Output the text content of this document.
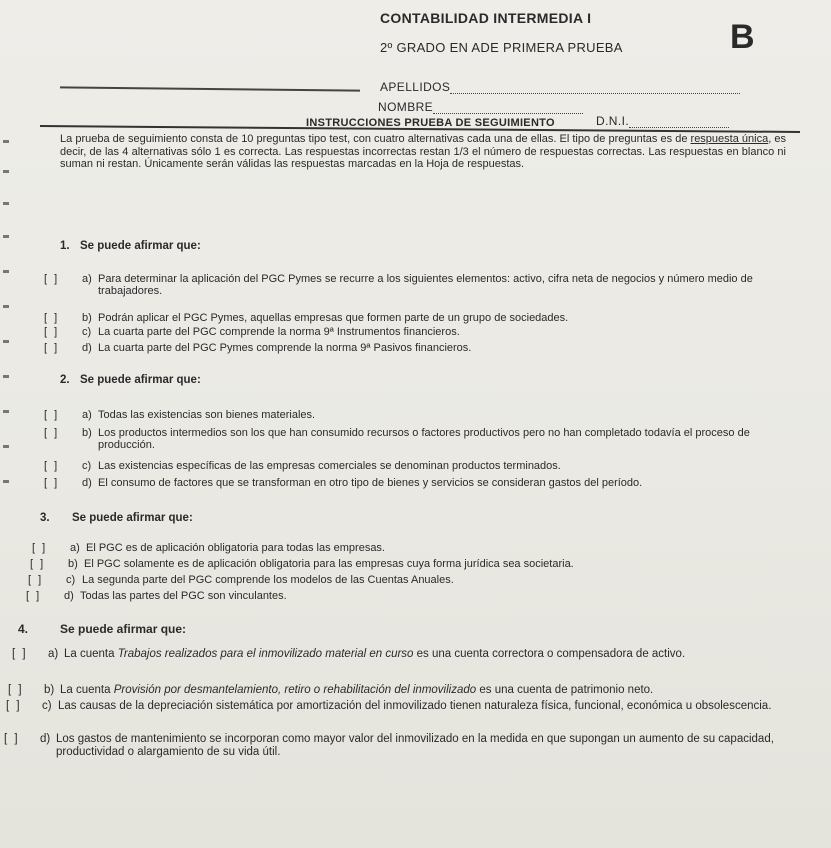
CONTABILIDAD INTERMEDIA I
2º GRADO EN ADE PRIMERA PRUEBA	B
APELLIDOS
NOMBRE
D.N.I.
INSTRUCCIONES PRUEBA DE SEGUIMIENTO
La prueba de seguimiento consta de 10 preguntas tipo test, con cuatro alternativas cada una de ellas. El tipo de preguntas es de respuesta única, es decir, de las 4 alternativas sólo 1 es correcta. Las respuestas incorrectas restan 1/3 el número de respuestas correctas. Las respuestas en blanco ni suman ni restan. Únicamente serán válidas las respuestas marcadas en la Hoja de respuestas.
1. Se puede afirmar que:
[ ]	a) Para determinar la aplicación del PGC Pymes se recurre a los siguientes elementos: activo, cifra neta de negocios y número medio de trabajadores.
[ ]	b) Podrán aplicar el PGC Pymes, aquellas empresas que formen parte de un grupo de sociedades.
[ ]	c) La cuarta parte del PGC comprende la norma 9ª Instrumentos financieros.
[ ]	d) La cuarta parte del PGC Pymes comprende la norma 9ª Pasivos financieros.
2. Se puede afirmar que:
[ ]	a) Todas las existencias son bienes materiales.
[ ]	b) Los productos intermedios son los que han consumido recursos o factores productivos pero no han completado todavía el proceso de producción.
[ ]	c) Las existencias específicas de las empresas comerciales se denominan productos terminados.
[ ]	d) El consumo de factores que se transforman en otro tipo de bienes y servicios se consideran gastos del período.
3. Se puede afirmar que:
[ ]	a) El PGC es de aplicación obligatoria para todas las empresas.
[ ]	b) El PGC solamente es de aplicación obligatoria para las empresas cuya forma jurídica sea societaria.
[ ]	c) La segunda parte del PGC comprende los modelos de las Cuentas Anuales.
[ ]	d) Todas las partes del PGC son vinculantes.
4.	Se puede afirmar que:
[ ]	a) La cuenta Trabajos realizados para el inmovilizado material en curso es una cuenta correctora o compensadora de activo.
[ ]	b) La cuenta Provisión por desmantelamiento, retiro o rehabilitación del inmovilizado es una cuenta de patrimonio neto.
[ ]	c) Las causas de la depreciación sistemática por amortización del inmovilizado tienen naturaleza física, funcional, económica u obsolescencia.
[ ]	d) Los gastos de mantenimiento se incorporan como mayor valor del inmovilizado en la medida en que supongan un aumento de su capacidad, productividad o alargamiento de su vida útil.
